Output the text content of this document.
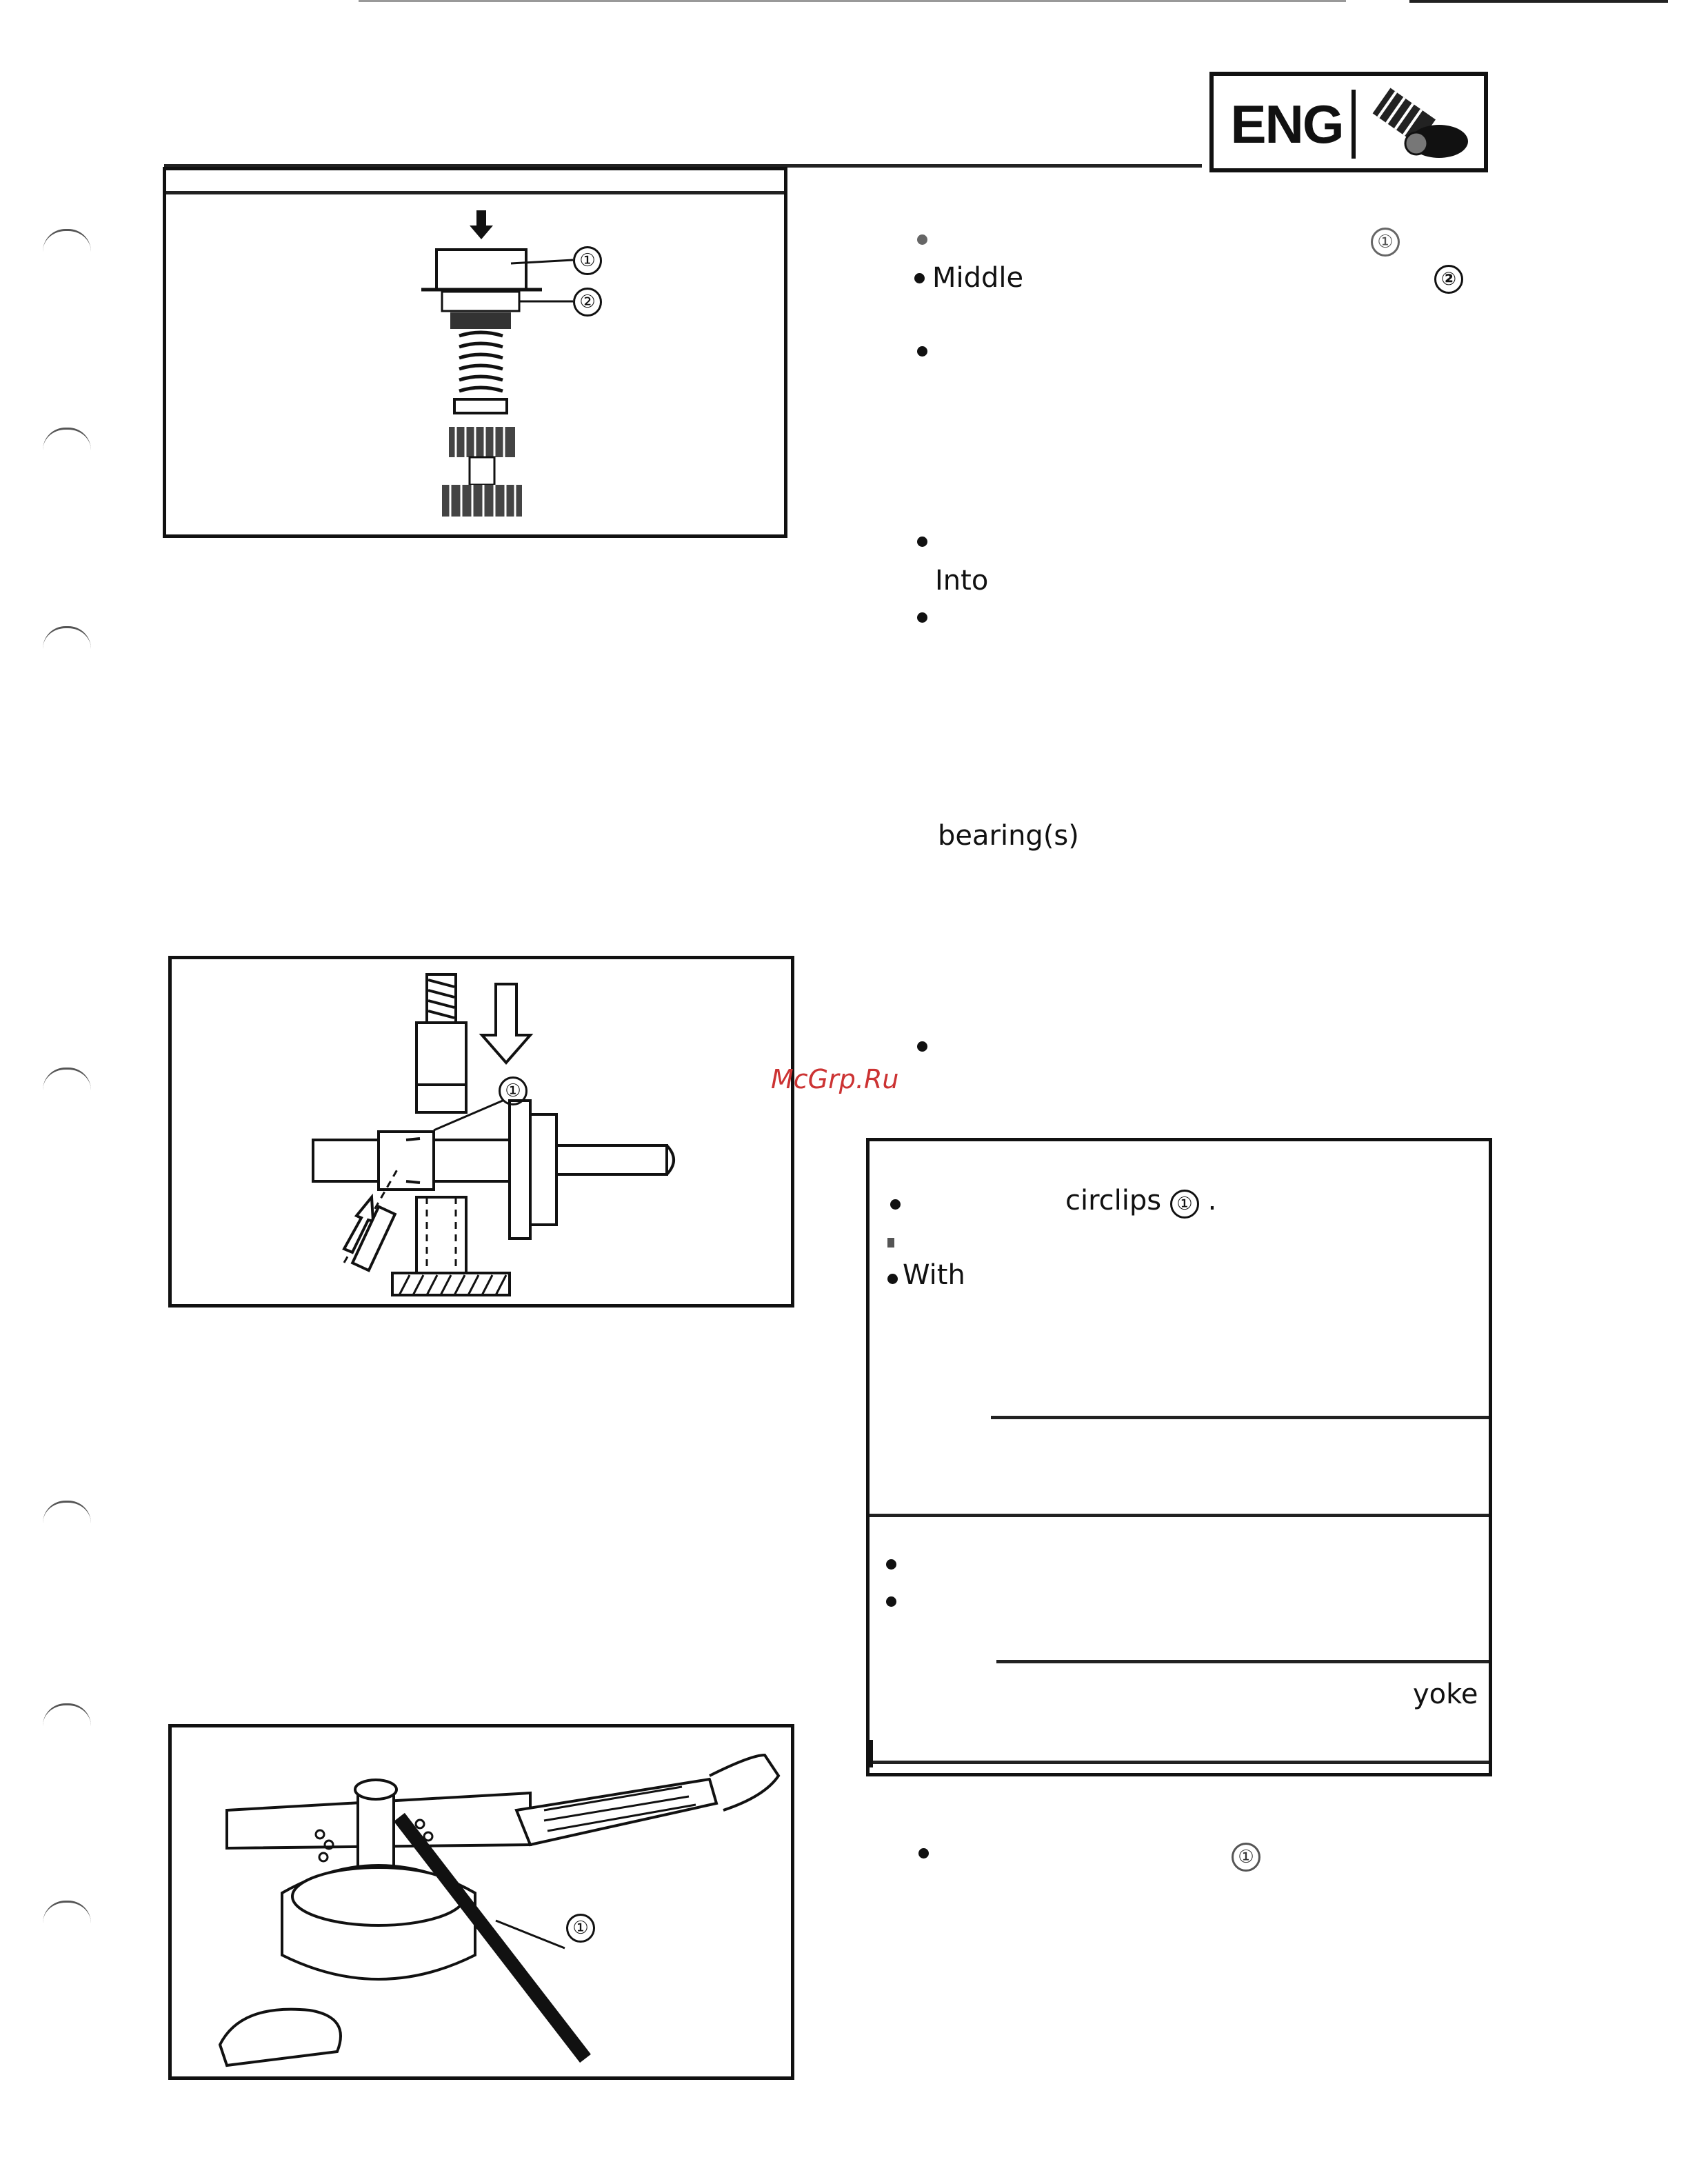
ENG
①
②
①
①
①
Middle	②
Into
bearing(s)
McGrp.Ru
circlips ① .
With
yoke
①
